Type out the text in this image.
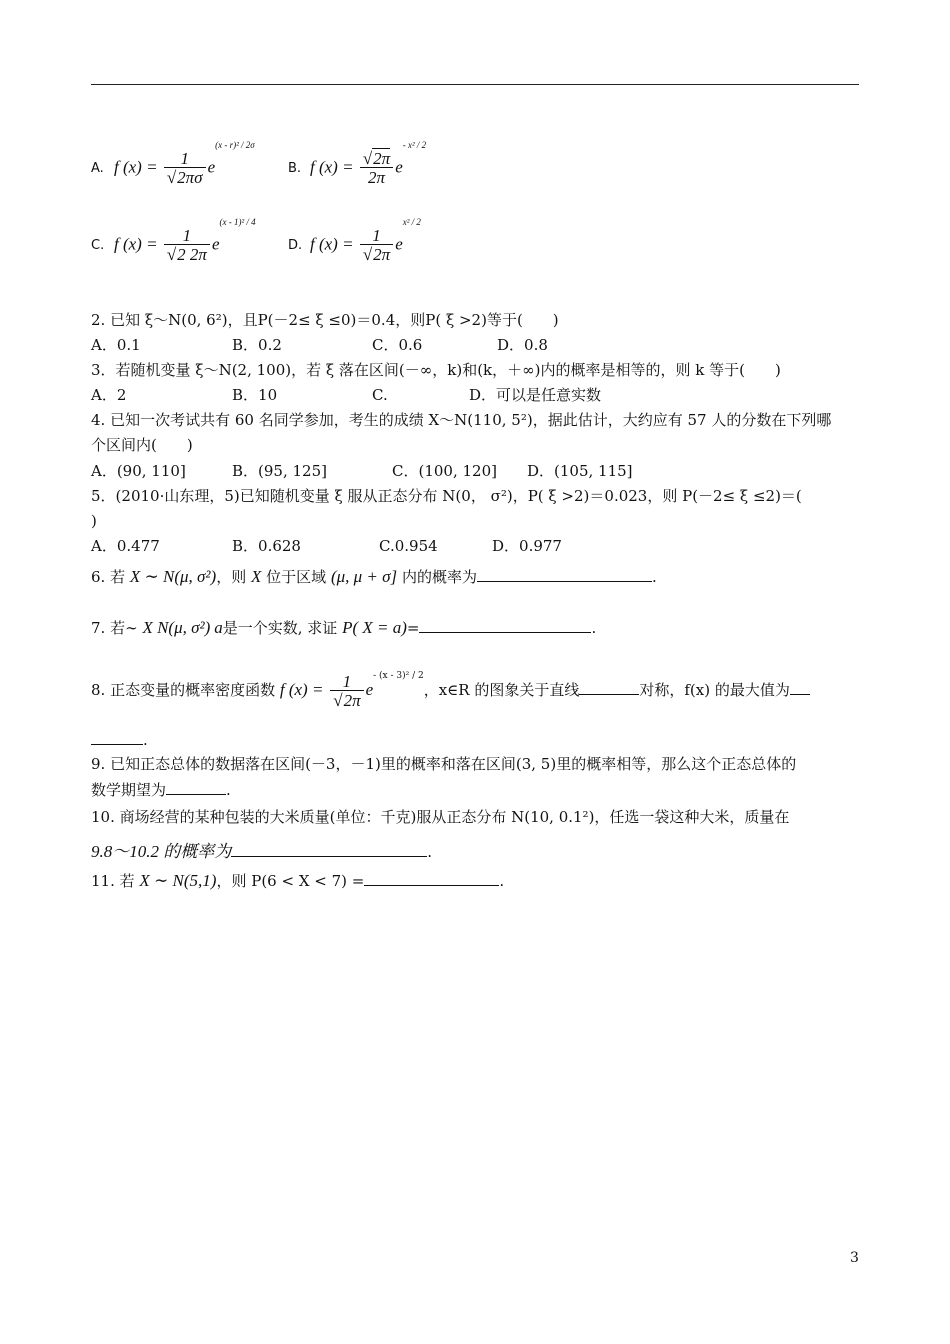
A. f $(x) = \frac{1}{√2\pi\sigma} e^{(x - r)^2 / 2\sigma}$
B. f $(x) = \frac{√2\pi}{2\pi} e^{- x^2 / 2}$
C. f $(x) = \frac{1}{√2 2\pi} e^{(x - 1)^2 / 4}$
D. f $(x) = \frac{1}{√2\pi} e^{x^2 / 2}$
2. 已知 ξ～N(0, 6²)，且P(－2≤ ξ ≤0)＝0.4，则P( ξ >2)等于(　　)
A．0.1	B．0.2	C．0.6	D．0.8
3．若随机变量 ξ～N(2, 100)，若 ξ 落在区间(－∞，k)和(k，＋∞)内的概率是相等的，则 k 等于(　　)
A．2	B．10	C.	D．可以是任意实数
4. 已知一次考试共有 60 名同学参加，考生的成绩 X～N(110, 5²)，据此估计，大约应有 57 人的分数在下列哪
个区间内(　　)
A．(90, 110]	B．(95, 125]	C．(100, 120] D．(105, 115]
5．(2010·山东理，5)已知随机变量 ξ 服从正态分布 N(0， σ²)，P( ξ >2)＝0.023，则 P(－2≤ ξ ≤2)＝(
)
A．0.477	B．0.628	C.0.954	D．0.977
6. 若 X ∼ N(μ, σ²)，则 X 位于区域 (μ, μ + σ] 内的概率为	.
7. 若∼ X N(μ, σ²) a是一个实数, 求证 P( X = a)=	.
8. 正态变量的概率密度函数 f $(x) = \frac{1}{√2\pi} e^{- (x - 3)^2 / 2}$，x∈R 的图象关于直线	对称，f(x) 的最大值为
.
9. 已知正态总体的数据落在区间(－3，－1)里的概率和落在区间(3, 5)里的概率相等，那么这个正态总体的
数学期望为	.
10. 商场经营的某种包装的大米质量(单位：千克)服从正态分布 N(10, 0.1²)，任选一袋这种大米，质量在
9.8～10.2 的概率为	.
11. 若 X ∼ N(5,1)，则 P(6 < X < 7) =	.
3
